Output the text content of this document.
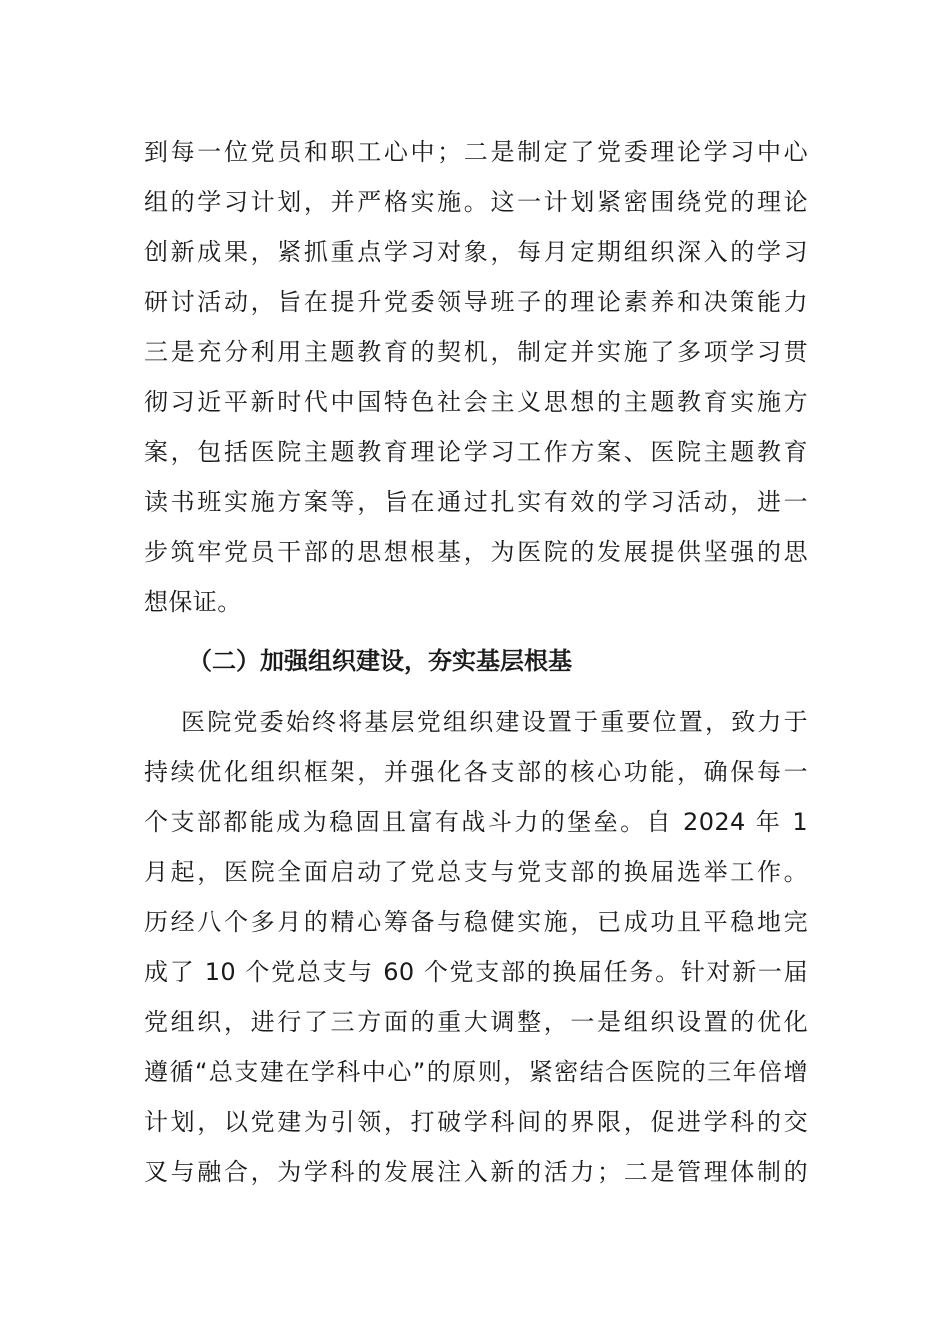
到每一位党员和职工心中；二是制定了党委理论学习中心
组的学习计划，并严格实施。这一计划紧密围绕党的理论
创新成果，紧抓重点学习对象，每月定期组织深入的学习
研讨活动，旨在提升党委领导班子的理论素养和决策能力
三是充分利用主题教育的契机，制定并实施了多项学习贯
彻习近平新时代中国特色社会主义思想的主题教育实施方
案，包括医院主题教育理论学习工作方案、医院主题教育
读书班实施方案等，旨在通过扎实有效的学习活动，进一
步筑牢党员干部的思想根基，为医院的发展提供坚强的思
想保证。
（二）加强组织建设，夯实基层根基
医院党委始终将基层党组织建设置于重要位置，致力于
持续优化组织框架，并强化各支部的核心功能，确保每一
个支部都能成为稳固且富有战斗力的堡垒。自 2024 年 1
月起，医院全面启动了党总支与党支部的换届选举工作。
历经八个多月的精心筹备与稳健实施，已成功且平稳地完
成了 10 个党总支与 60 个党支部的换届任务。针对新一届
党组织，进行了三方面的重大调整，一是组织设置的优化
遵循“总支建在学科中心”的原则，紧密结合医院的三年倍增
计划，以党建为引领，打破学科间的界限，促进学科的交
叉与融合，为学科的发展注入新的活力；二是管理体制的
